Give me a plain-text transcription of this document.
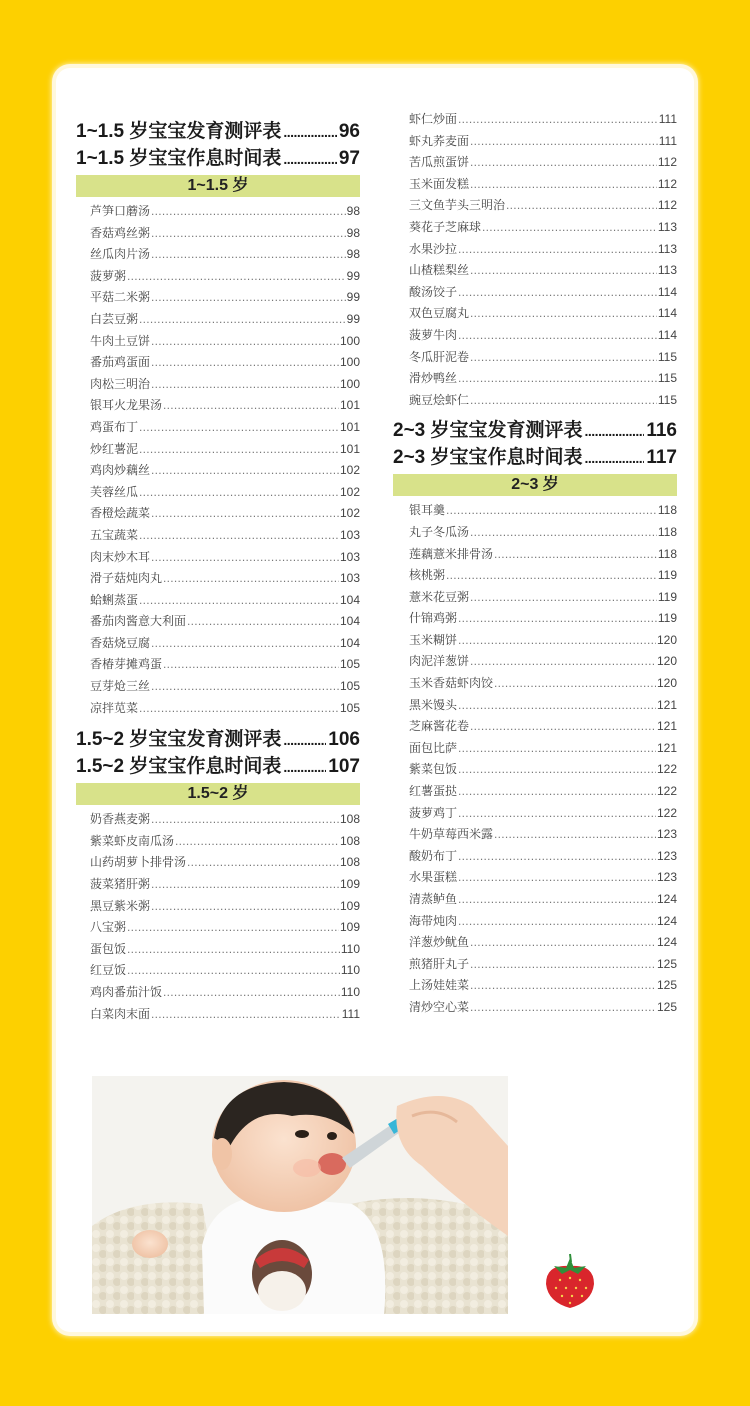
1~1.5 岁宝宝发育测评表 .....	96
1~1.5 岁宝宝作息时间表 .....	97
1~1.5 岁
芦笋口蘑汤 .....	98
香菇鸡丝粥 .....	98
丝瓜肉片汤 .....	98
菠萝粥 .....	99
平菇二米粥 .....	99
白芸豆粥 .....	99
牛肉土豆饼 .....	100
番茄鸡蛋面 .....	100
肉松三明治 .....	100
银耳火龙果汤 .....	101
鸡蛋布丁 .....	101
炒红薯泥 .....	101
鸡肉炒藕丝 .....	102
芙蓉丝瓜 .....	102
香橙烩蔬菜 .....	102
五宝蔬菜 .....	103
肉末炒木耳 .....	103
滑子菇炖肉丸 .....	103
蛤蜊蒸蛋 .....	104
番茄肉酱意大利面 .....	104
香菇烧豆腐 .....	104
香椿芽摊鸡蛋 .....	105
豆芽炝三丝 .....	105
凉拌苋菜 .....	105
1.5~2 岁宝宝发育测评表 ..... 106
1.5~2 岁宝宝作息时间表 ..... 107
1.5~2 岁
奶香燕麦粥 .....	108
紫菜虾皮南瓜汤 .....	108
山药胡萝卜排骨汤 .....	108
菠菜猪肝粥 .....	109
黑豆紫米粥 .....	109
八宝粥 .....	109
蛋包饭 .....	110
红豆饭 .....	110
鸡肉番茄汁饭 .....	110
白菜肉末面 .....	111
虾仁炒面 .....	111
虾丸荞麦面 .....	111
苦瓜煎蛋饼 .....	112
玉米面发糕 .....	112
三文鱼芋头三明治 .....	112
葵花子芝麻球 .....	113
水果沙拉 .....	113
山楂糕梨丝 .....	113
酸汤饺子 .....	114
双色豆腐丸 .....	114
菠萝牛肉 .....	114
冬瓜肝泥卷 .....	115
滑炒鸭丝 .....	115
豌豆烩虾仁 .....	115
2~3 岁宝宝发育测评表 .....	116
2~3 岁宝宝作息时间表 .....	117
2~3 岁
银耳羹 .....	118
丸子冬瓜汤 .....	118
莲藕薏米排骨汤 .....	118
核桃粥 .....	119
薏米花豆粥 .....	119
什锦鸡粥 .....	119
玉米糊饼 .....	120
肉泥洋葱饼 .....	120
玉米香菇虾肉饺 .....	120
黑米馒头 .....	121
芝麻酱花卷 .....	121
面包比萨 .....	121
紫菜包饭 .....	122
红薯蛋挞 .....	122
菠萝鸡丁 .....	122
牛奶草莓西米露 .....	123
酸奶布丁 .....	123
水果蛋糕 .....	123
清蒸鲈鱼 .....	124
海带炖肉 .....	124
洋葱炒鱿鱼 .....	124
煎猪肝丸子 .....	125
上汤娃娃菜 .....	125
清炒空心菜 .....	125
